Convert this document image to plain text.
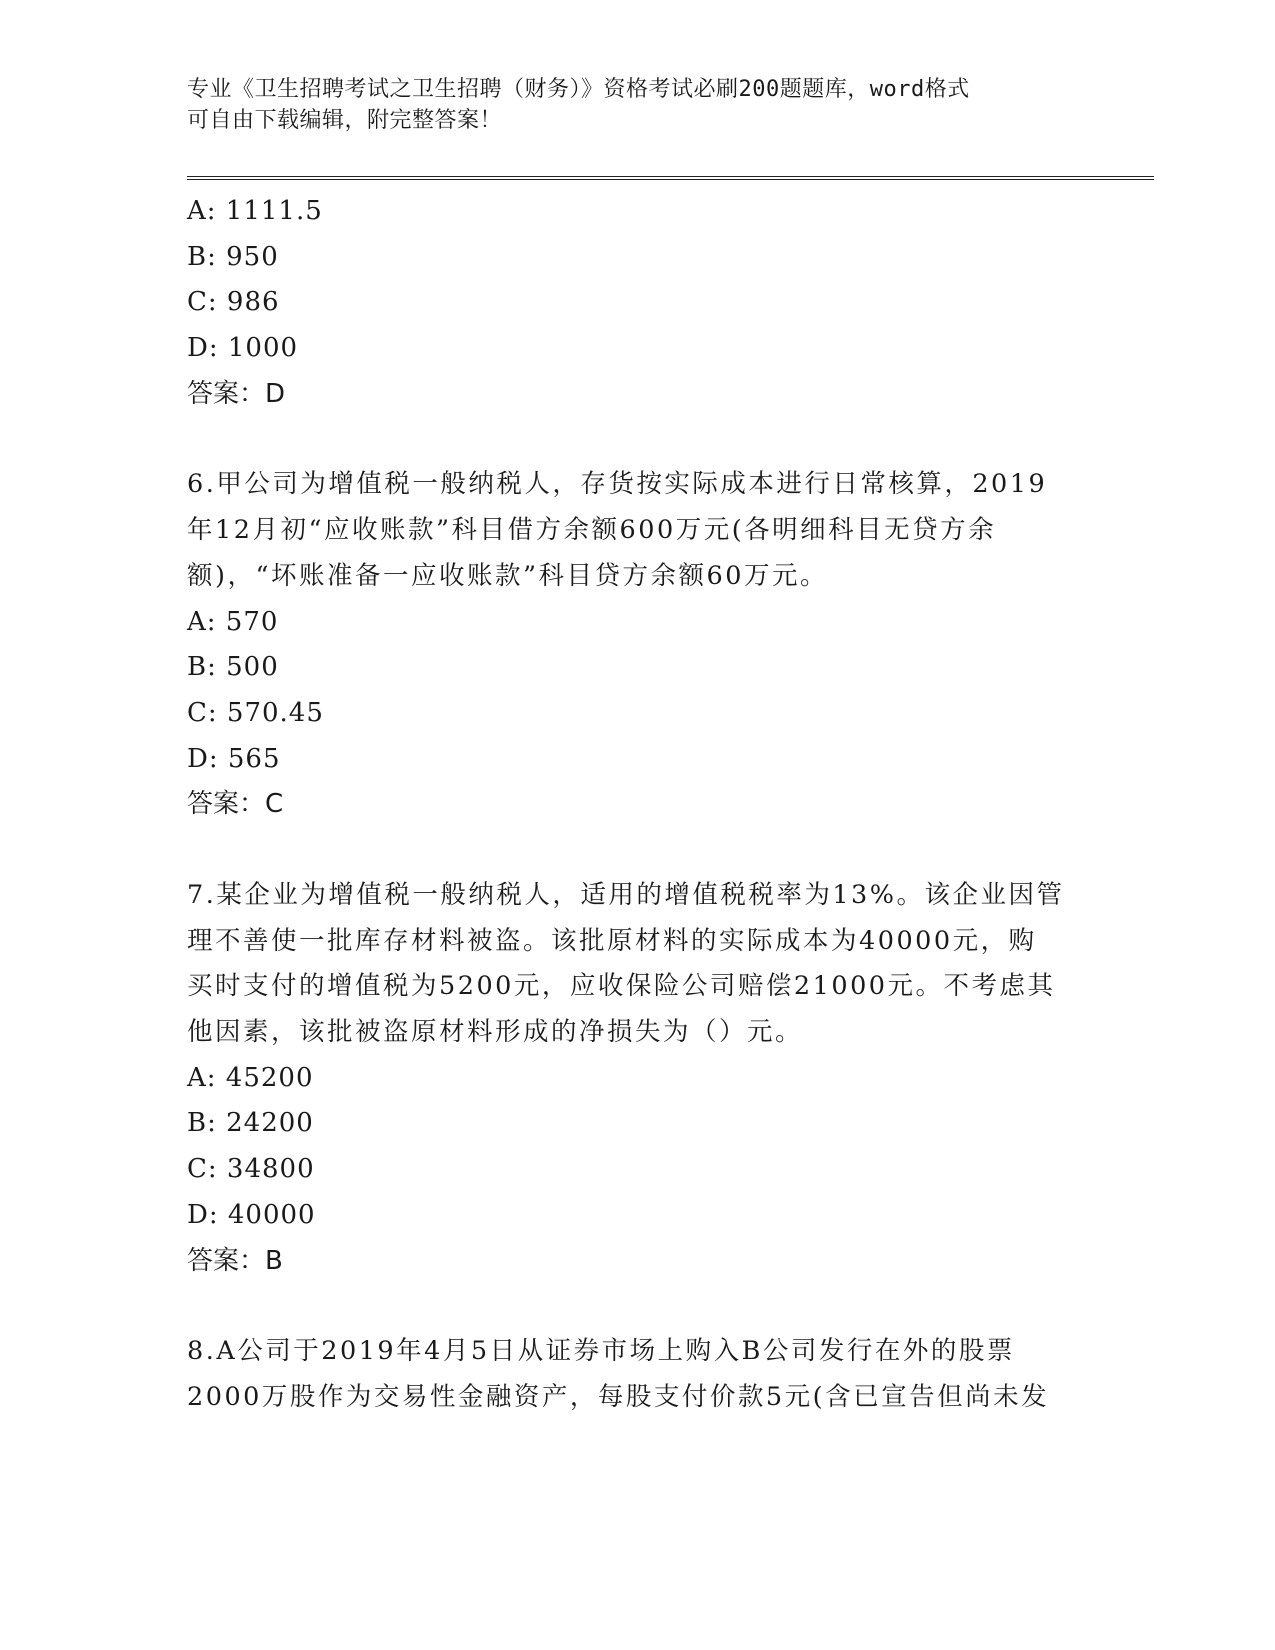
专业《卫生招聘考试之卫生招聘（财务）》资格考试必刷200题题库，word格式
可自由下载编辑，附完整答案！
A: 1111.5
B: 950
C: 986
D: 1000
答案：D
6.甲公司为增值税一般纳税人，存货按实际成本进行日常核算，2019
年12月初“应收账款”科目借方余额600万元(各明细科目无贷方余
额)，“坏账准备一应收账款”科目贷方余额60万元。
A: 570
B: 500
C: 570.45
D: 565
答案：C
7.某企业为增值税一般纳税人，适用的增值税税率为13%。该企业因管
理不善使一批库存材料被盗。该批原材料的实际成本为40000元，购
买时支付的增值税为5200元，应收保险公司赔偿21000元。不考虑其
他因素，该批被盗原材料形成的净损失为（）元。
A: 45200
B: 24200
C: 34800
D: 40000
答案：B
8.A公司于2019年4月5日从证券市场上购入B公司发行在外的股票
2000万股作为交易性金融资产，每股支付价款5元(含已宣告但尚未发
